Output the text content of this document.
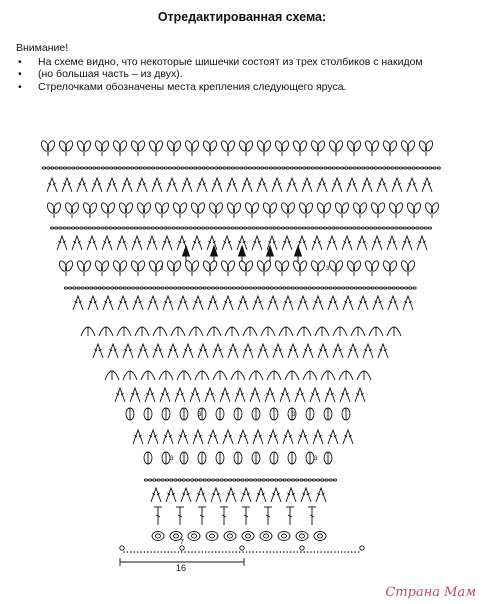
Отредактированная схема:
Внимание!
• На схеме видно, что некоторые шишечки состоят из трех столбиков с накидом
• (но большая часть – из двух).
• Стрелочками обозначены места крепления следующего яруса.
3	3
3	3
3	3
7
16
Страна Мам
